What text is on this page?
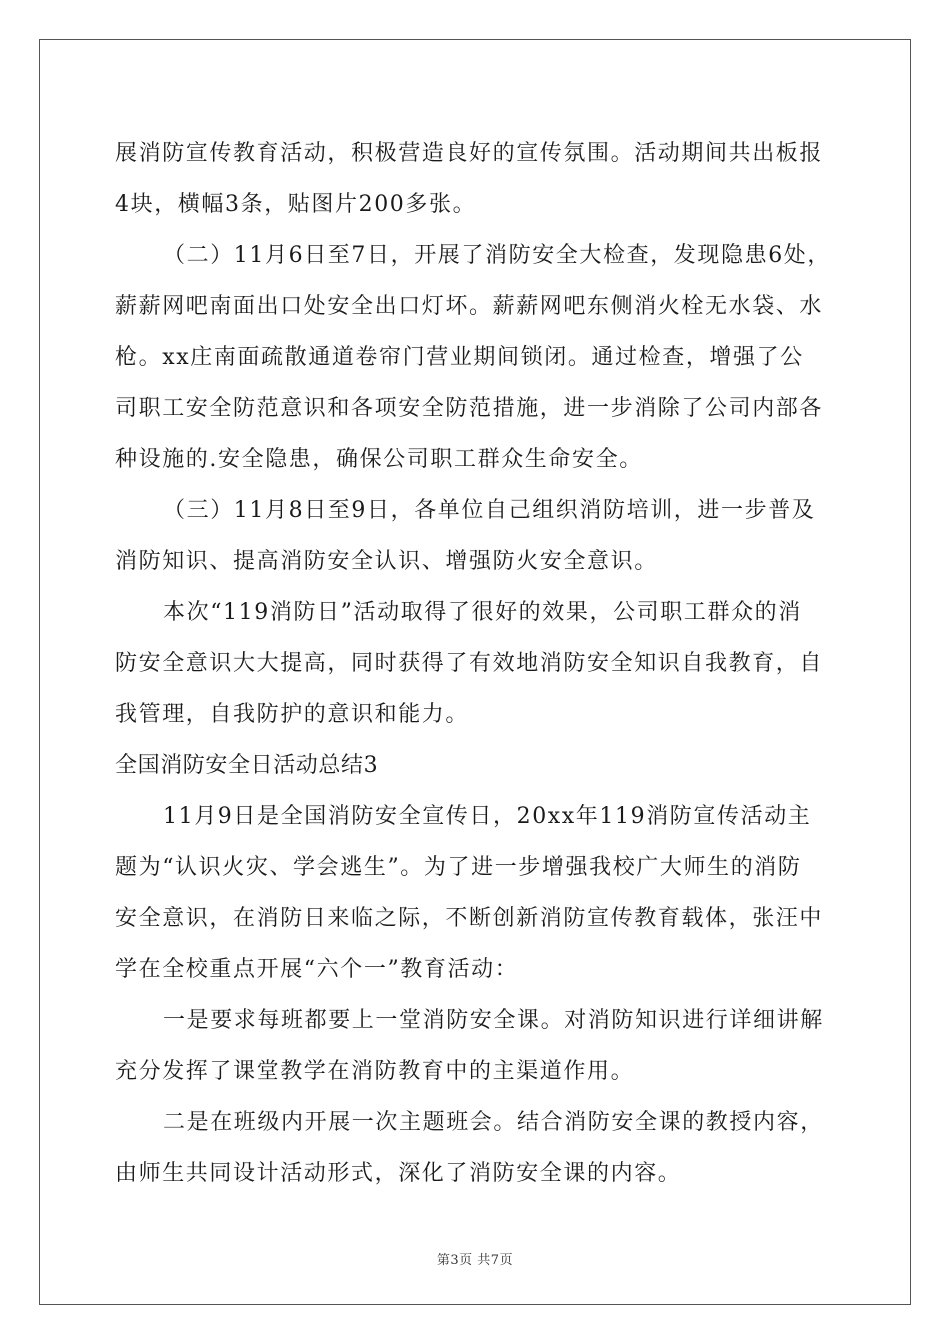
展消防宣传教育活动，积极营造良好的宣传氛围。活动期间共出板报
4块，横幅3条，贴图片200多张。
（二）11月6日至7日，开展了消防安全大检查，发现隐患6处，
薪薪网吧南面出口处安全出口灯坏。薪薪网吧东侧消火栓无水袋、水
枪。xx庄南面疏散通道卷帘门营业期间锁闭。通过检查，增强了公
司职工安全防范意识和各项安全防范措施，进一步消除了公司内部各
种设施的.安全隐患，确保公司职工群众生命安全。
（三）11月8日至9日，各单位自己组织消防培训，进一步普及
消防知识、提高消防安全认识、增强防火安全意识。
本次“119消防日”活动取得了很好的效果，公司职工群众的消
防安全意识大大提高，同时获得了有效地消防安全知识自我教育，自
我管理，自我防护的意识和能力。
全国消防安全日活动总结3
11月9日是全国消防安全宣传日，20xx年119消防宣传活动主
题为“认识火灾、学会逃生”。为了进一步增强我校广大师生的消防
安全意识，在消防日来临之际，不断创新消防宣传教育载体，张汪中
学在全校重点开展“六个一”教育活动：
一是要求每班都要上一堂消防安全课。对消防知识进行详细讲解
充分发挥了课堂教学在消防教育中的主渠道作用。
二是在班级内开展一次主题班会。结合消防安全课的教授内容，
由师生共同设计活动形式，深化了消防安全课的内容。
第3页 共7页
